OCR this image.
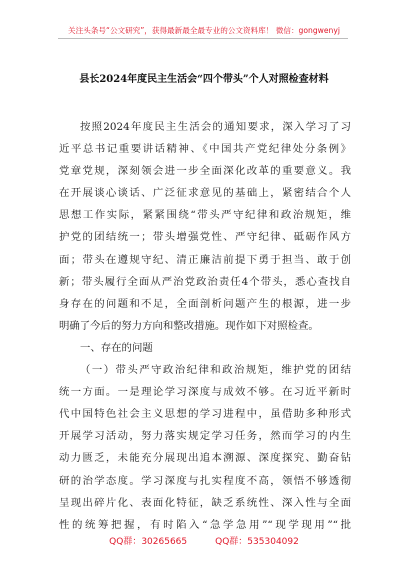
关注头条号“公文研究”，获得最新最全最专业的公文资料库！ 微信：gongwenyj
县长2024年度民主生活会“四个带头”个人对照检查材料
按照2024年度民主生活会的通知要求，深入学习了习
近平总书记重要讲话精神、《中国共产党纪律处分条例》
党章党规，深刻领会进一步全面深化改革的重要意义。我
在开展谈心谈话、广泛征求意见的基础上，紧密结合个人
思想工作实际，紧紧围绕“带头严守纪律和政治规矩，维
护党的团结统一；带头增强党性、严守纪律、砥砺作风方
面；带头在遵规守纪、清正廉洁前提下勇于担当、敢于创
新；带头履行全面从严治党政治责任4个带头，悉心查找自
身存在的问题和不足，全面剖析问题产生的根源，进一步
明确了今后的努力方向和整改措施。现作如下对照检查。
一、存在的问题
（一）带头严守政治纪律和政治规矩，维护党的团结
统一方面。一是理论学习深度与成效不够。在习近平新时
代中国特色社会主义思想的学习进程中，虽借助多种形式
开展学习活动，努力落实规定学习任务，然而学习的内生
动力匮乏，未能充分展现出追本溯源、深度探究、勤奋钻
研的治学态度。学习深度与扎实程度不高，领悟不够透彻
呈现出碎片化、表面化特征，缺乏系统性、深入性与全面
性的统筹把握，有时陷入“急学急用”“现学现用”“批
QQ群：30265665	QQ群：535304092
